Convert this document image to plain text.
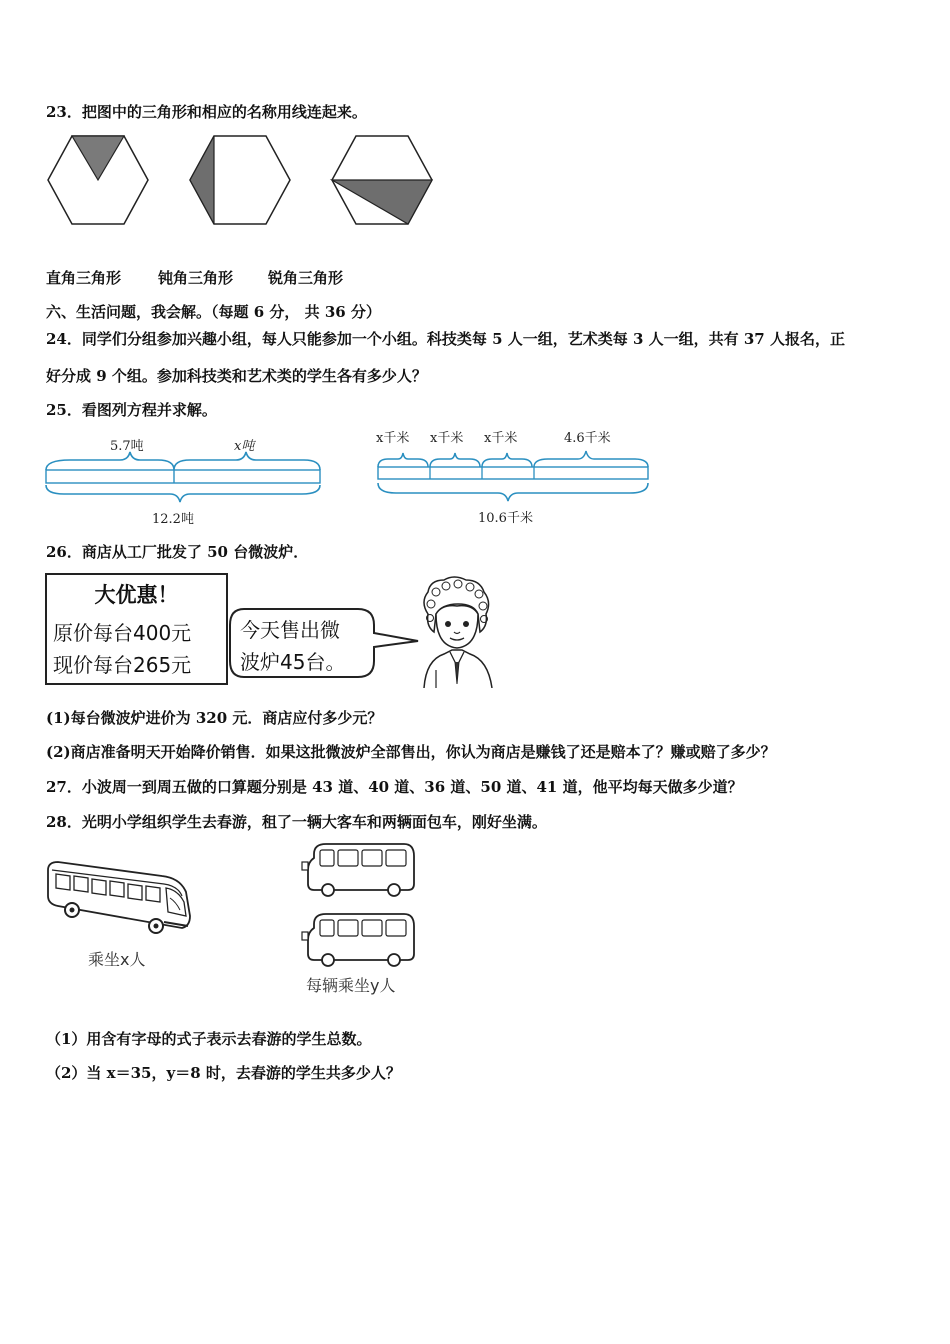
23．把图中的三角形和相应的名称用线连起来。
直角三角形 钝角三角形 锐角三角形
六、生活问题，我会解。（每题 6 分， 共 36 分）
24．同学们分组参加兴趣小组，每人只能参加一个小组。科技类每 5 人一组，艺术类每 3 人一组，共有 37 人报名，正
好分成 9 个组。参加科技类和艺术类的学生各有多少人？
25．看图列方程并求解。
5.7吨	x吨
12.2吨
x千米 x千米 x千米	4.6千米
10.6千米
26．商店从工厂批发了 50 台微波炉．
大优惠！
原价每台400元
现价每台265元
今天售出微
波炉45台。
(1)每台微波炉进价为 320 元．商店应付多少元？
(2)商店准备明天开始降价销售．如果这批微波炉全部售出，你认为商店是赚钱了还是赔本了？赚或赔了多少？
27．小波周一到周五做的口算题分别是 43 道、40 道、36 道、50 道、41 道，他平均每天做多少道？
28．光明小学组织学生去春游，租了一辆大客车和两辆面包车，刚好坐满。
乘坐x人
每辆乘坐y人
（1）用含有字母的式子表示去春游的学生总数。
（2）当 x＝35，y＝8 时，去春游的学生共多少人？
